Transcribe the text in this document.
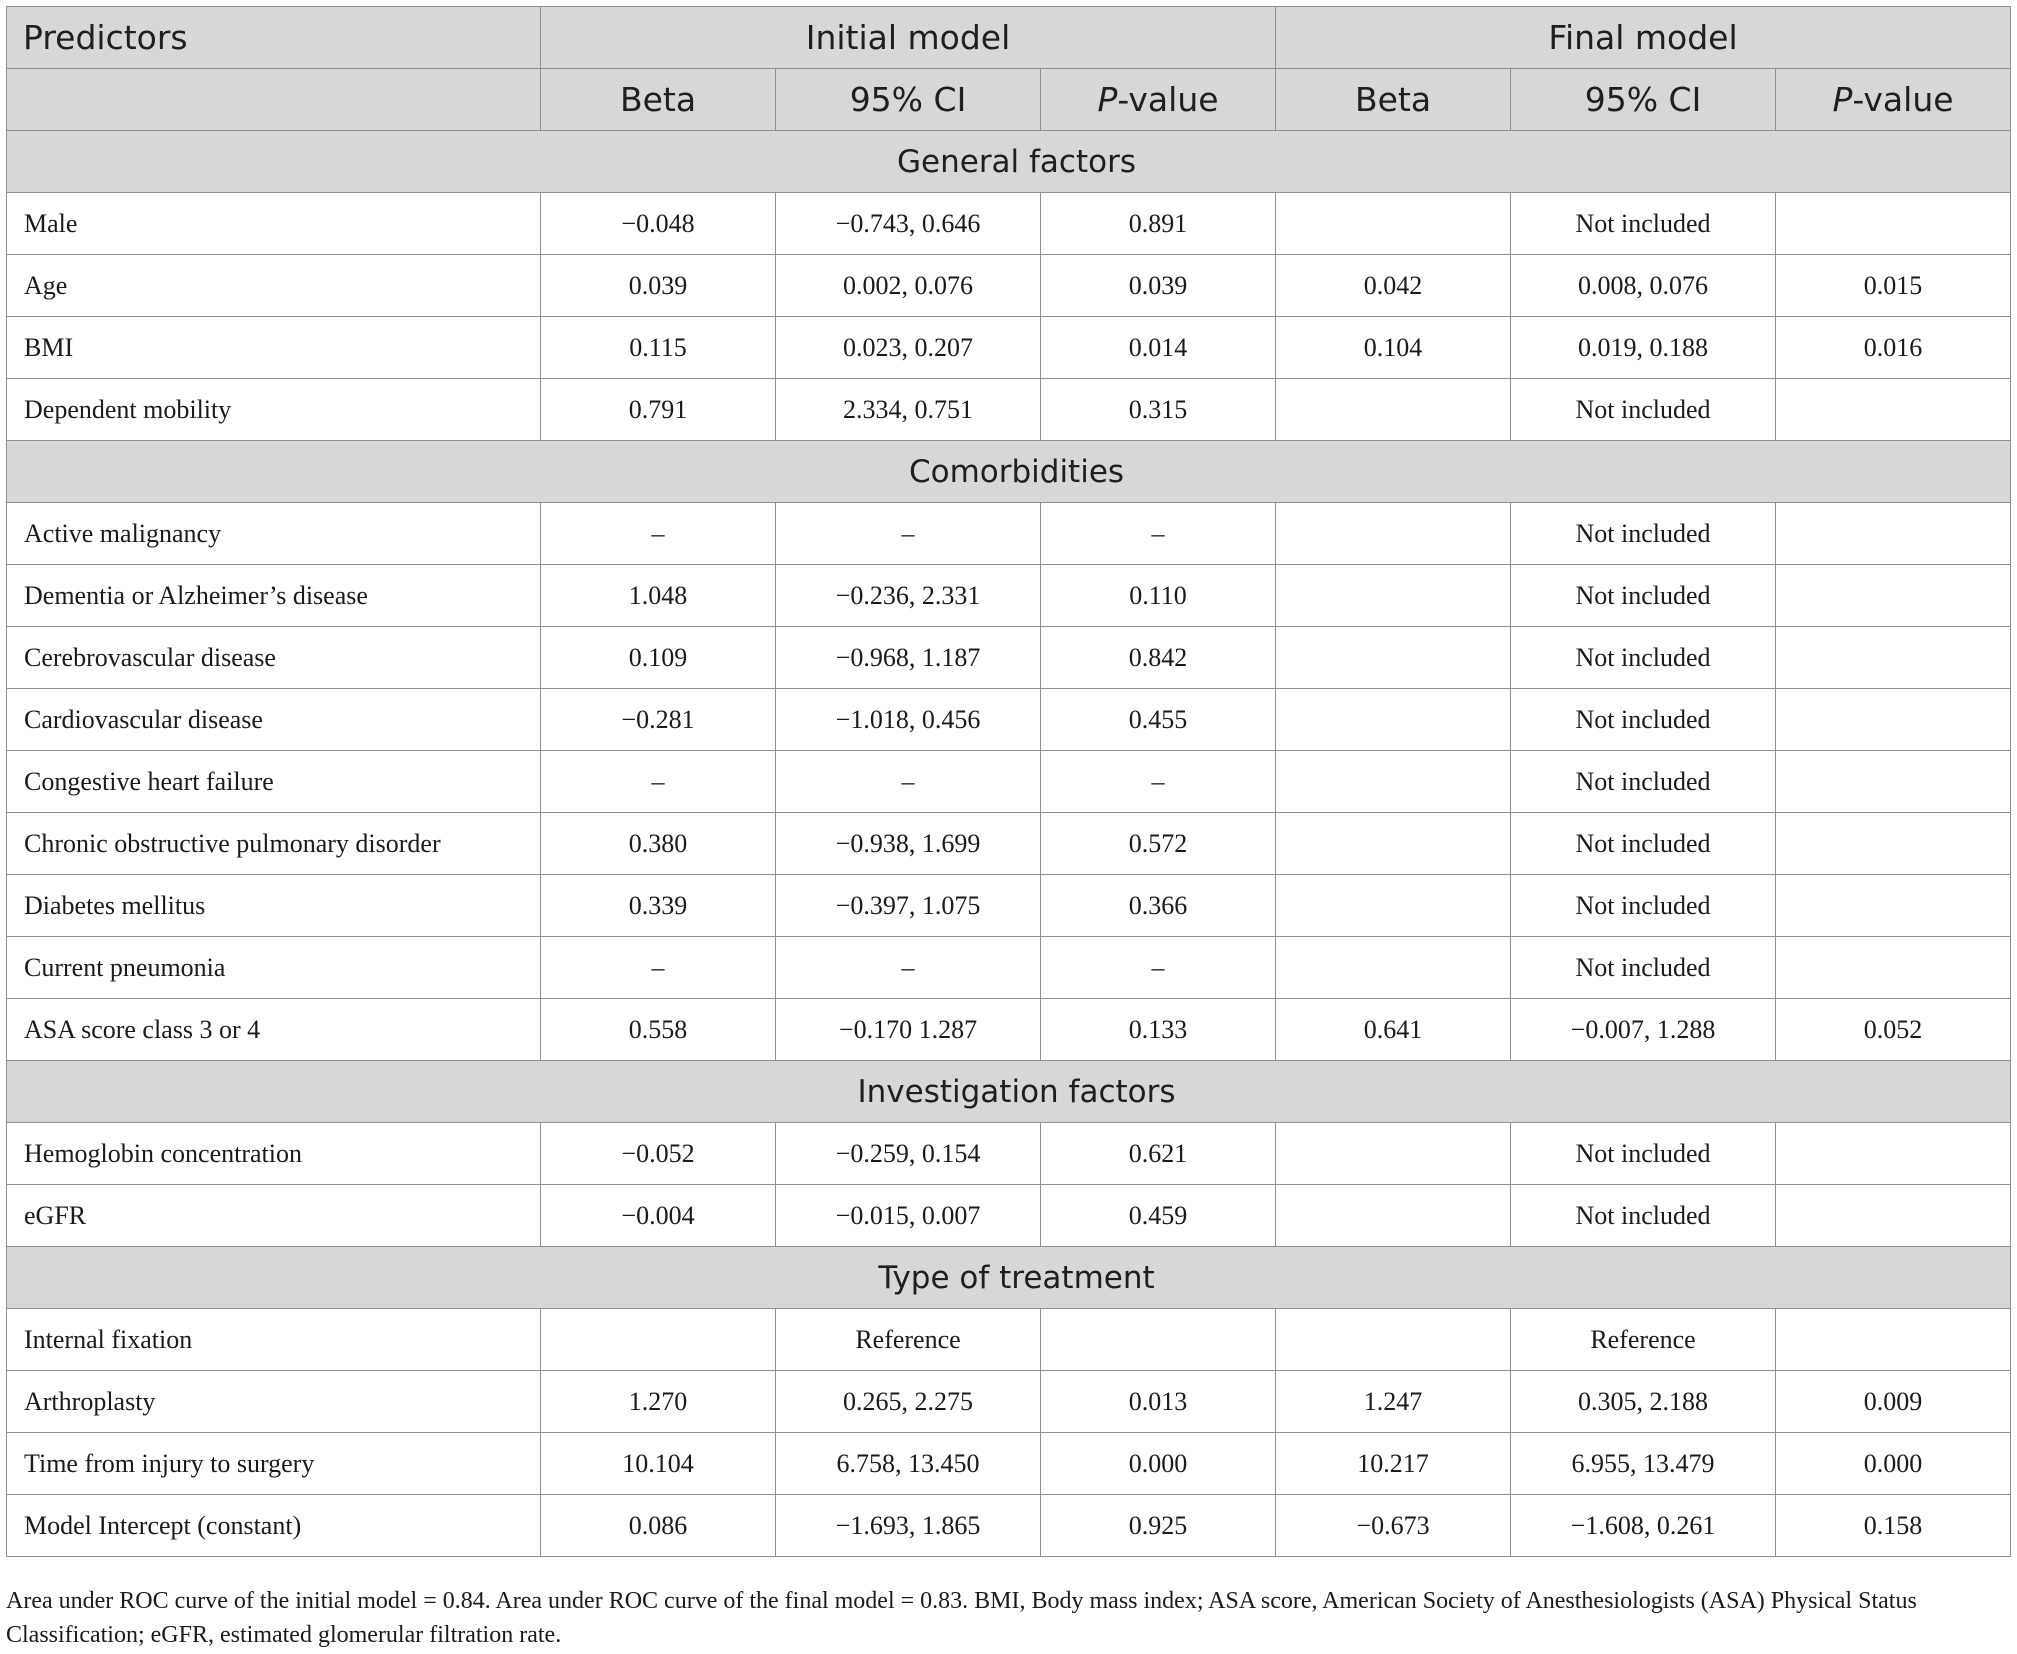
Predictors	Initial model			Final model		
	Beta	95% CI	P-value	Beta	95% CI	P-value
General factors						
Male	−0.048	−0.743, 0.646	0.891		Not included	
Age	0.039	0.002, 0.076	0.039	0.042	0.008, 0.076	0.015
BMI	0.115	0.023, 0.207	0.014	0.104	0.019, 0.188	0.016
Dependent mobility	0.791	2.334, 0.751	0.315		Not included	
Comorbidities						
Active malignancy	–	–	–		Not included	
Dementia or Alzheimer’s disease	1.048	−0.236, 2.331	0.110		Not included	
Cerebrovascular disease	0.109	−0.968, 1.187	0.842		Not included	
Cardiovascular disease	−0.281	−1.018, 0.456	0.455		Not included	
Congestive heart failure	–	–	–		Not included	
Chronic obstructive pulmonary disorder	0.380	−0.938, 1.699	0.572		Not included	
Diabetes mellitus	0.339	−0.397, 1.075	0.366		Not included	
Current pneumonia	–	–	–		Not included	
ASA score class 3 or 4	0.558	−0.170 1.287	0.133	0.641	−0.007, 1.288	0.052
Investigation factors						
Hemoglobin concentration	−0.052	−0.259, 0.154	0.621		Not included	
eGFR	−0.004	−0.015, 0.007	0.459		Not included	
Type of treatment						
Internal fixation		Reference			Reference	
Arthroplasty	1.270	0.265, 2.275	0.013	1.247	0.305, 2.188	0.009
Time from injury to surgery	10.104	6.758, 13.450	0.000	10.217	6.955, 13.479	0.000
Model Intercept (constant)	0.086	−1.693, 1.865	0.925	−0.673	−1.608, 0.261	0.158
Area under ROC curve of the initial model = 0.84. Area under ROC curve of the final model = 0.83. BMI, Body mass index; ASA score, American Society of Anesthesiologists (ASA) Physical Status Classification; eGFR, estimated glomerular filtration rate.
